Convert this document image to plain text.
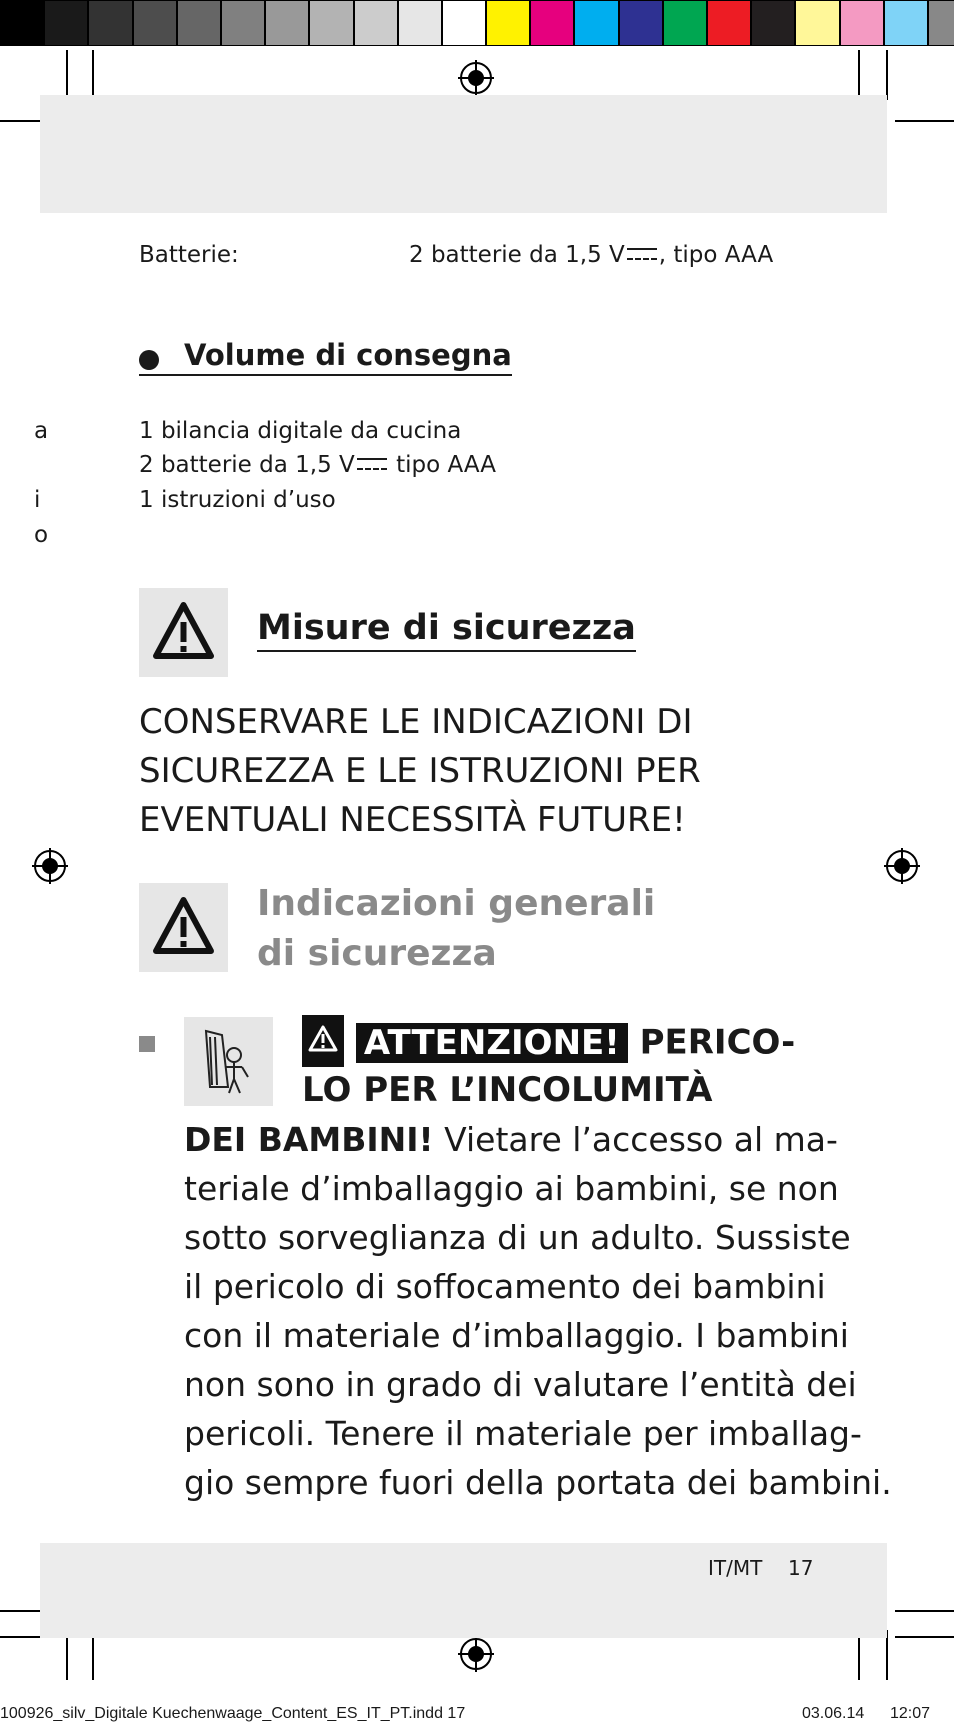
Batterie:	2 batterie da 1,5 V , tipo AAA
Volume di consegna
1 bilancia digitale da cucina
2 batterie da 1,5 V tipo AAA
1 istruzioni d’uso
a
i
o
Misure di sicurezza
CONSERVARE LE INDICAZIONI DI
SICUREZZA E LE ISTRUZIONI PER
EVENTUALI NECESSITÀ FUTURE!
Indicazioni generali
di sicurezza
ATTENZIONE! PERICO-
LO PER L’INCOLUMITÀ
DEI BAMBINI! Vietare l’accesso al ma-
teriale d’imballaggio ai bambini, se non
sotto sorveglianza di un adulto. Sussiste
il pericolo di soffocamento dei bambini
con il materiale d’imballaggio. I bambini
non sono in grado di valutare l’entità dei
pericoli. Tenere il materiale per imballag-
gio sempre fuori della portata dei bambini.
IT/MT 17
100926_silv_Digitale Kuechenwaage_Content_ES_IT_PT.indd 17	03.06.14 12:07
